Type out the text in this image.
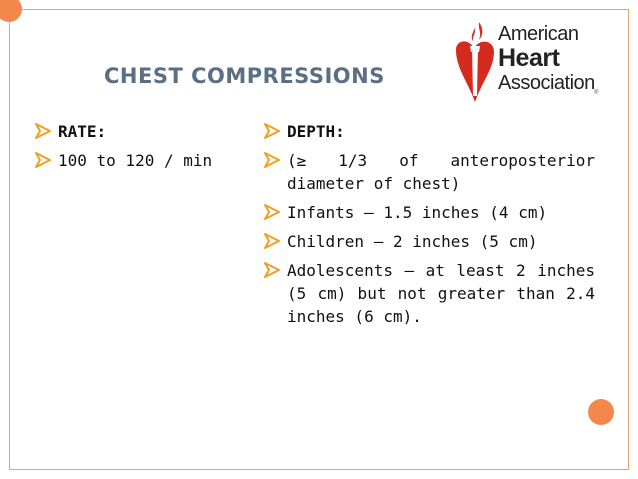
CHEST COMPRESSIONS
American
Heart
Association ®
RATE:
100 to 120 / min
DEPTH:
(≥ 1/3 of anteroposterior diameter of chest)
Infants – 1.5 inches (4 cm)
Children – 2 inches (5 cm)
Adolescents – at least 2 inches (5 cm) but not greater than 2.4 inches (6 cm).
